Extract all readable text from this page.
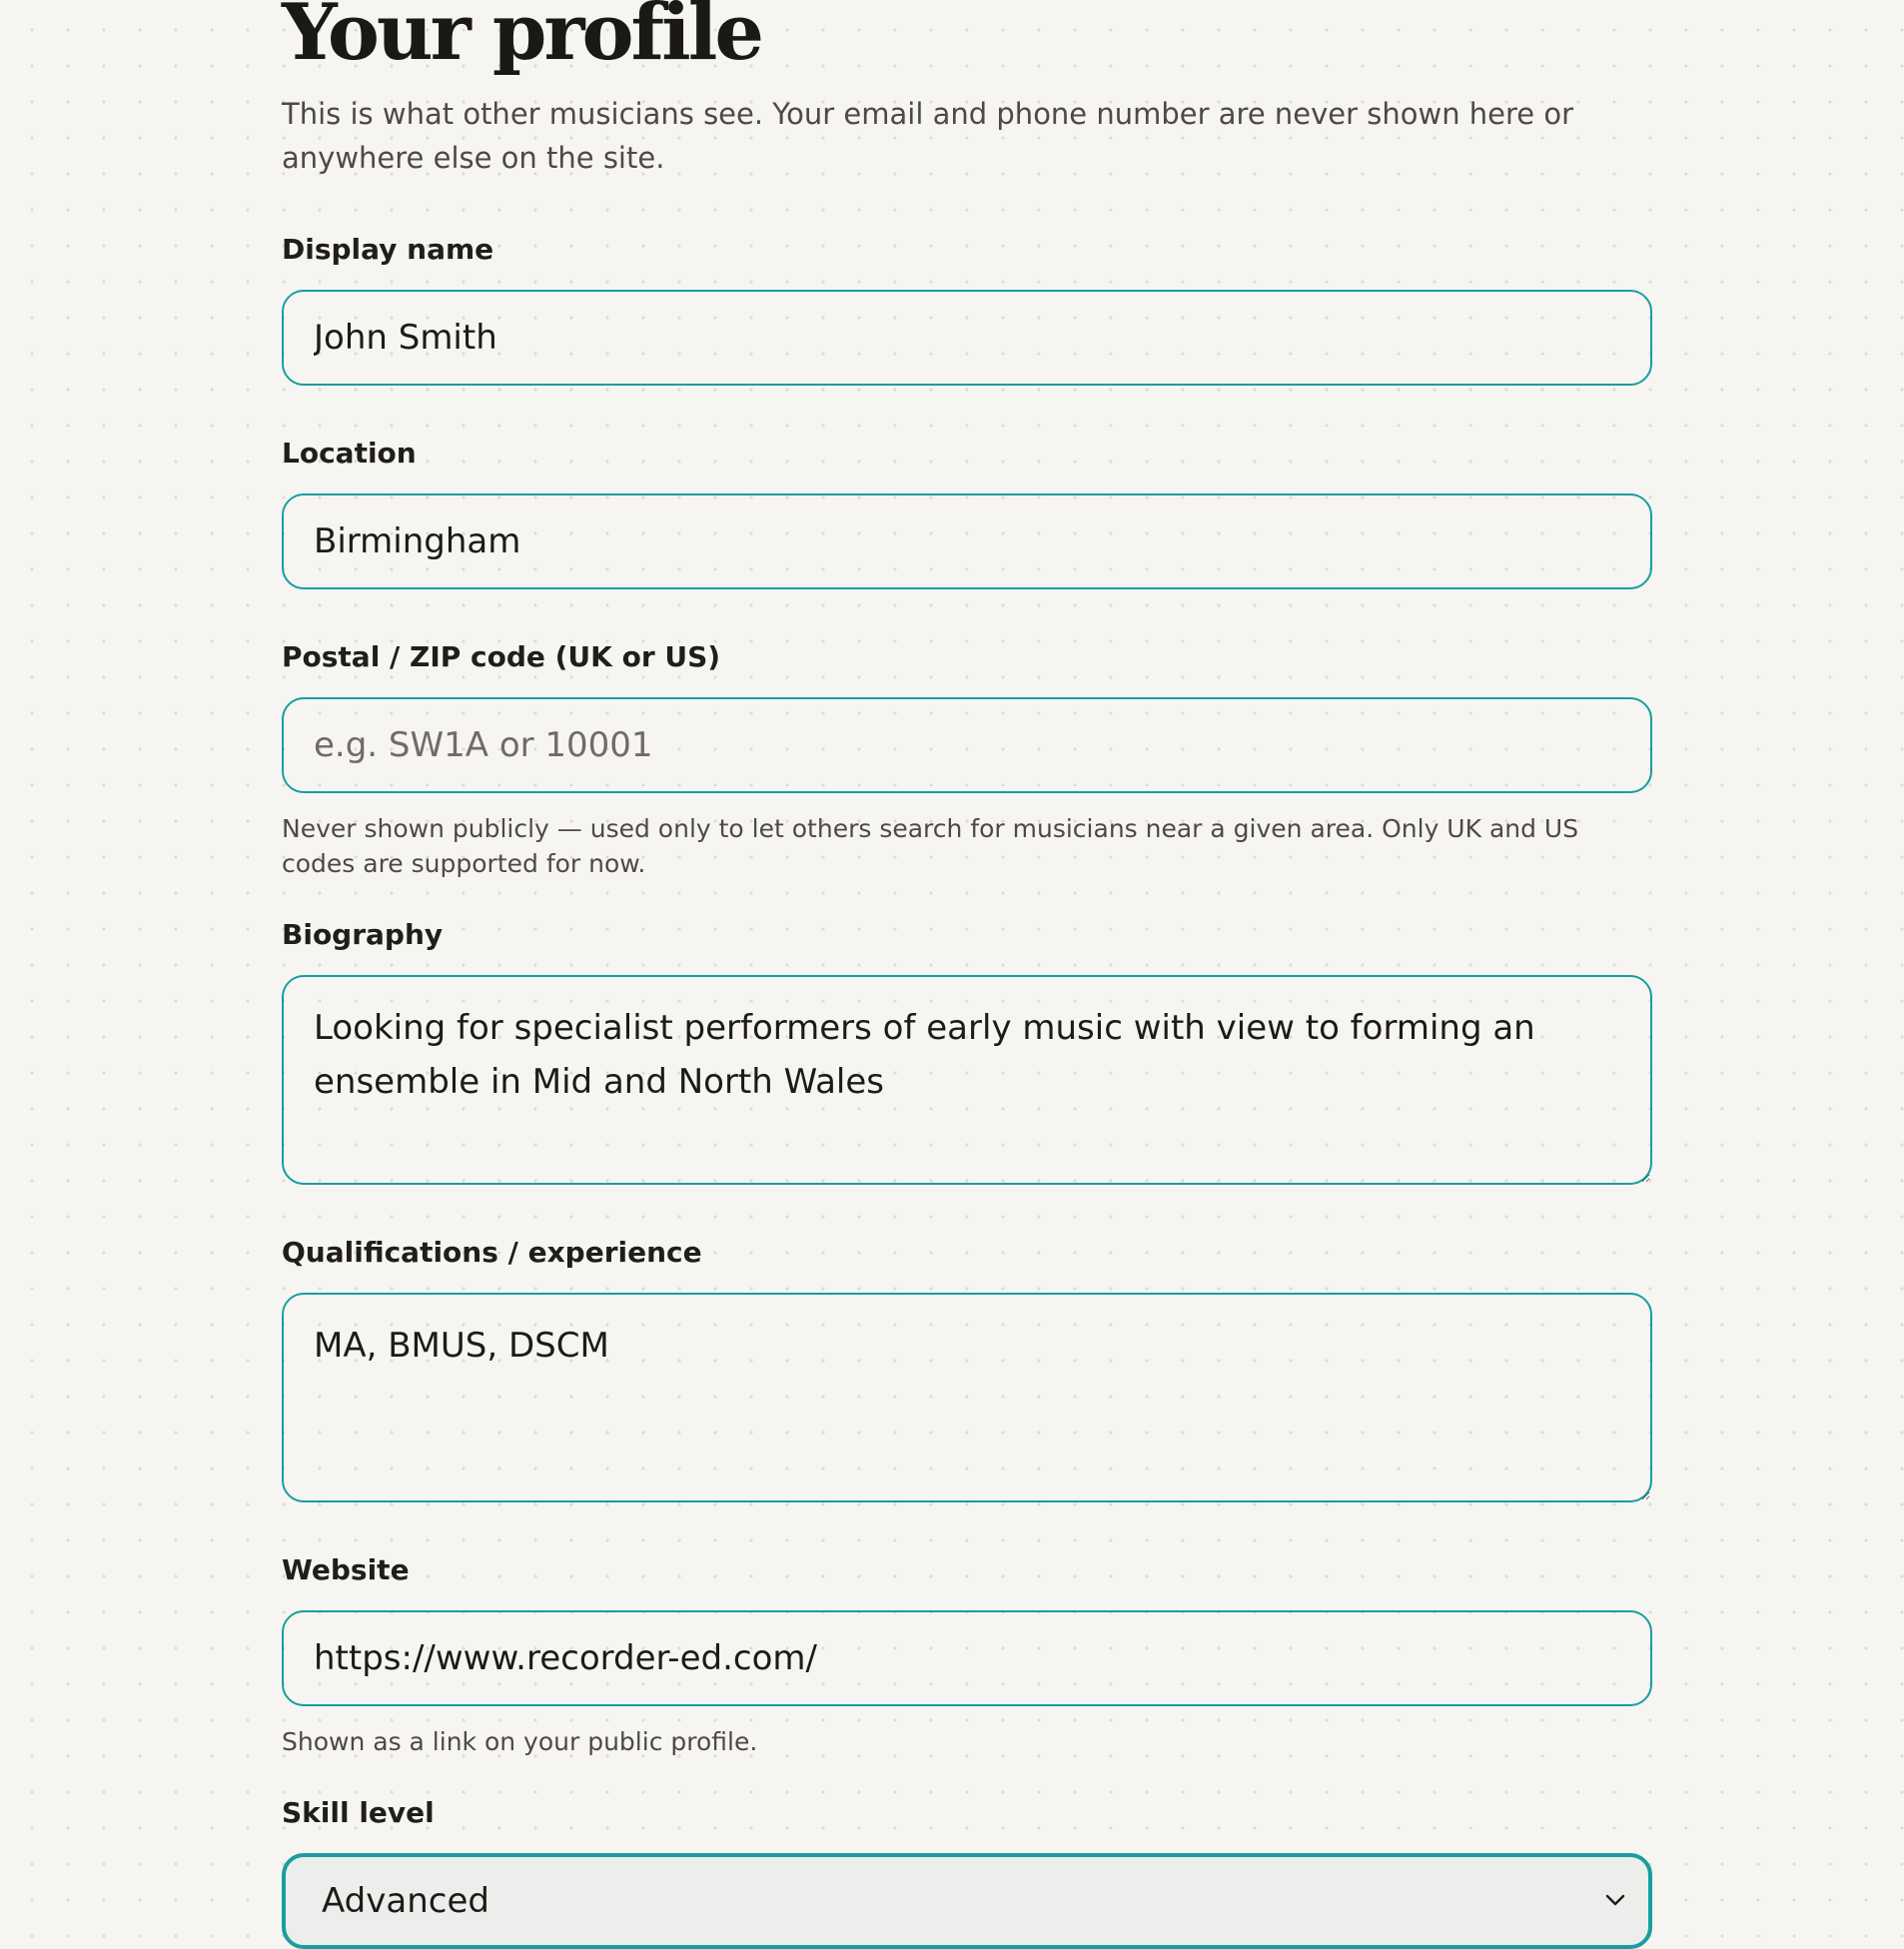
Your profile

This is what other musicians see. Your email and phone number are never shown here or anywhere else on the site.

Display name
John Smith
Location
Birmingham
Postal / ZIP code (UK or US)
e.g. SW1A or 10001
Never shown publicly — used only to let others search for musicians near a given area. Only UK and US codes are supported for now.
Biography
Looking for specialist performers of early music with view to forming an ensemble in Mid and North Wales
Qualifications / experience
MA, BMUS, DSCM
Website
https://www.recorder-ed.com/
Shown as a link on your public profile.
Skill level
Advanced
